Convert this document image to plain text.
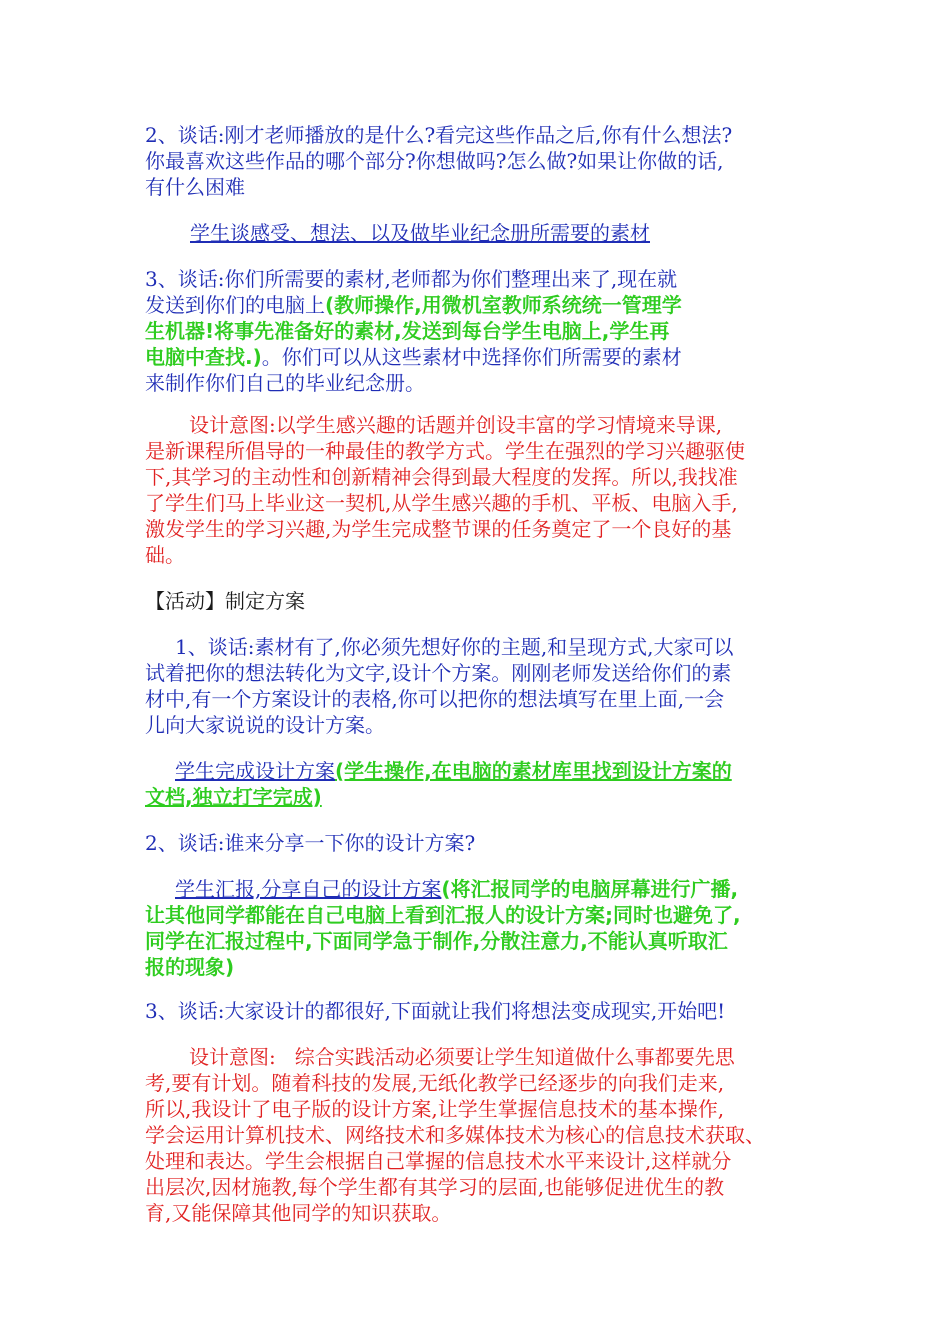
2、谈话:刚才老师播放的是什么?看完这些作品之后,你有什么想法?
你最喜欢这些作品的哪个部分?你想做吗?怎么做?如果让你做的话,
有什么困难
学生谈感受、想法、以及做毕业纪念册所需要的素材
3、谈话:你们所需要的素材,老师都为你们整理出来了,现在就
发送到你们的电脑上(教师操作,用微机室教师系统统一管理学
生机器!将事先准备好的素材,发送到每台学生电脑上,学生再
电脑中查找.)。你们可以从这些素材中选择你们所需要的素材
来制作你们自己的毕业纪念册。
设计意图:以学生感兴趣的话题并创设丰富的学习情境来导课,
是新课程所倡导的一种最佳的教学方式。学生在强烈的学习兴趣驱使
下,其学习的主动性和创新精神会得到最大程度的发挥。所以,我找准
了学生们马上毕业这一契机,从学生感兴趣的手机、平板、电脑入手,
激发学生的学习兴趣,为学生完成整节课的任务奠定了一个良好的基
础。
【活动】制定方案
1、谈话:素材有了,你必须先想好你的主题,和呈现方式,大家可以
试着把你的想法转化为文字,设计个方案。刚刚老师发送给你们的素
材中,有一个方案设计的表格,你可以把你的想法填写在里上面,一会
儿向大家说说的设计方案。
学生完成设计方案(学生操作,在电脑的素材库里找到设计方案的
文档,独立打字完成)
2、谈话:谁来分享一下你的设计方案?
学生汇报,分享自己的设计方案(将汇报同学的电脑屏幕进行广播,
让其他同学都能在自己电脑上看到汇报人的设计方案;同时也避免了,
同学在汇报过程中,下面同学急于制作,分散注意力,不能认真听取汇
报的现象)
3、谈话:大家设计的都很好,下面就让我们将想法变成现实,开始吧!
设计意图:   综合实践活动必须要让学生知道做什么事都要先思
考,要有计划。随着科技的发展,无纸化教学已经逐步的向我们走来,
所以,我设计了电子版的设计方案,让学生掌握信息技术的基本操作,
学会运用计算机技术、网络技术和多媒体技术为核心的信息技术获取、
处理和表达。学生会根据自己掌握的信息技术水平来设计,这样就分
出层次,因材施教,每个学生都有其学习的层面,也能够促进优生的教
育,又能保障其他同学的知识获取。
